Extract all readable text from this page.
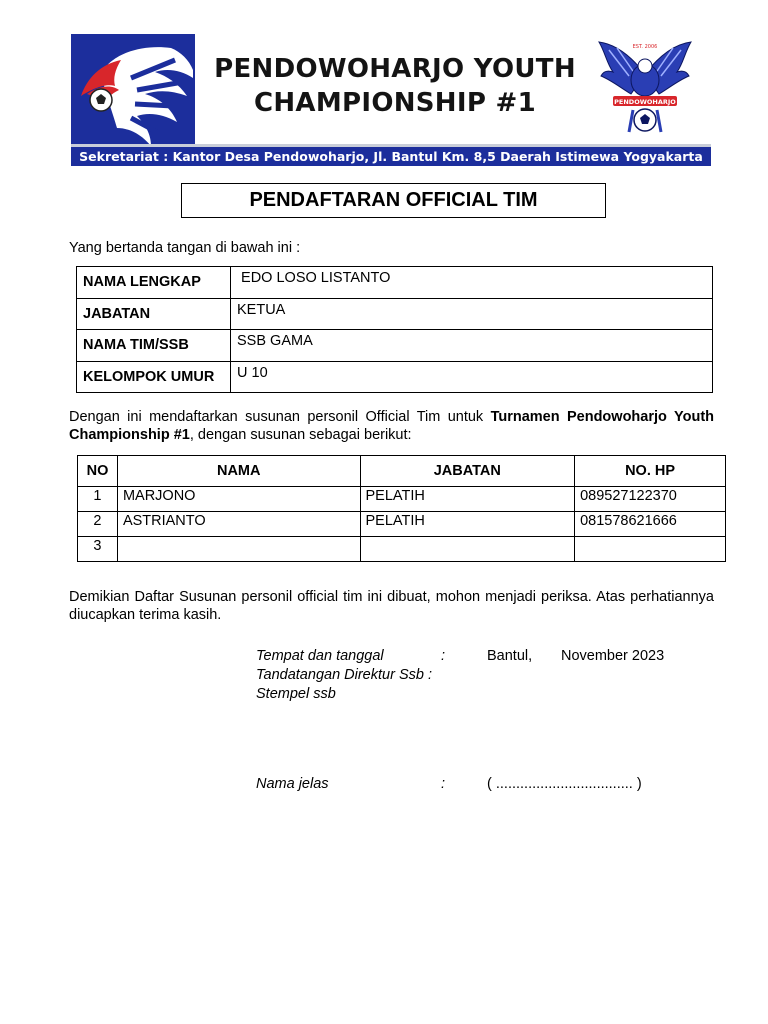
PENDOWOHARJO YOUTH
CHAMPIONSHIP #1
EST. 2006
PENDOWOHARJO
Sekretariat : Kantor Desa Pendowoharjo, Jl. Bantul Km. 8,5 Daerah Istimewa Yogyakarta
PENDAFTARAN OFFICIAL TIM
Yang bertanda tangan di bawah ini :
NAMA LENGKAP	EDO LOSO LISTANTO
JABATAN	KETUA
NAMA TIM/SSB	SSB GAMA
KELOMPOK UMUR	U 10
Dengan ini mendaftarkan susunan personil Official Tim untuk Turnamen Pendowoharjo Youth Championship #1, dengan susunan sebagai berikut:
NO	NAMA	JABATAN	NO. HP
1	MARJONO	PELATIH	089527122370
2	ASTRIANTO	PELATIH	081578621666
3			
Demikian Daftar Susunan personil official tim ini dibuat, mohon menjadi periksa. Atas perhatiannya diucapkan terima kasih.
Tempat dan tanggal	:	Bantul, November 2023
Tandatangan Direktur Ssb :
Stempel ssb
Nama jelas	:	( .................................. )
